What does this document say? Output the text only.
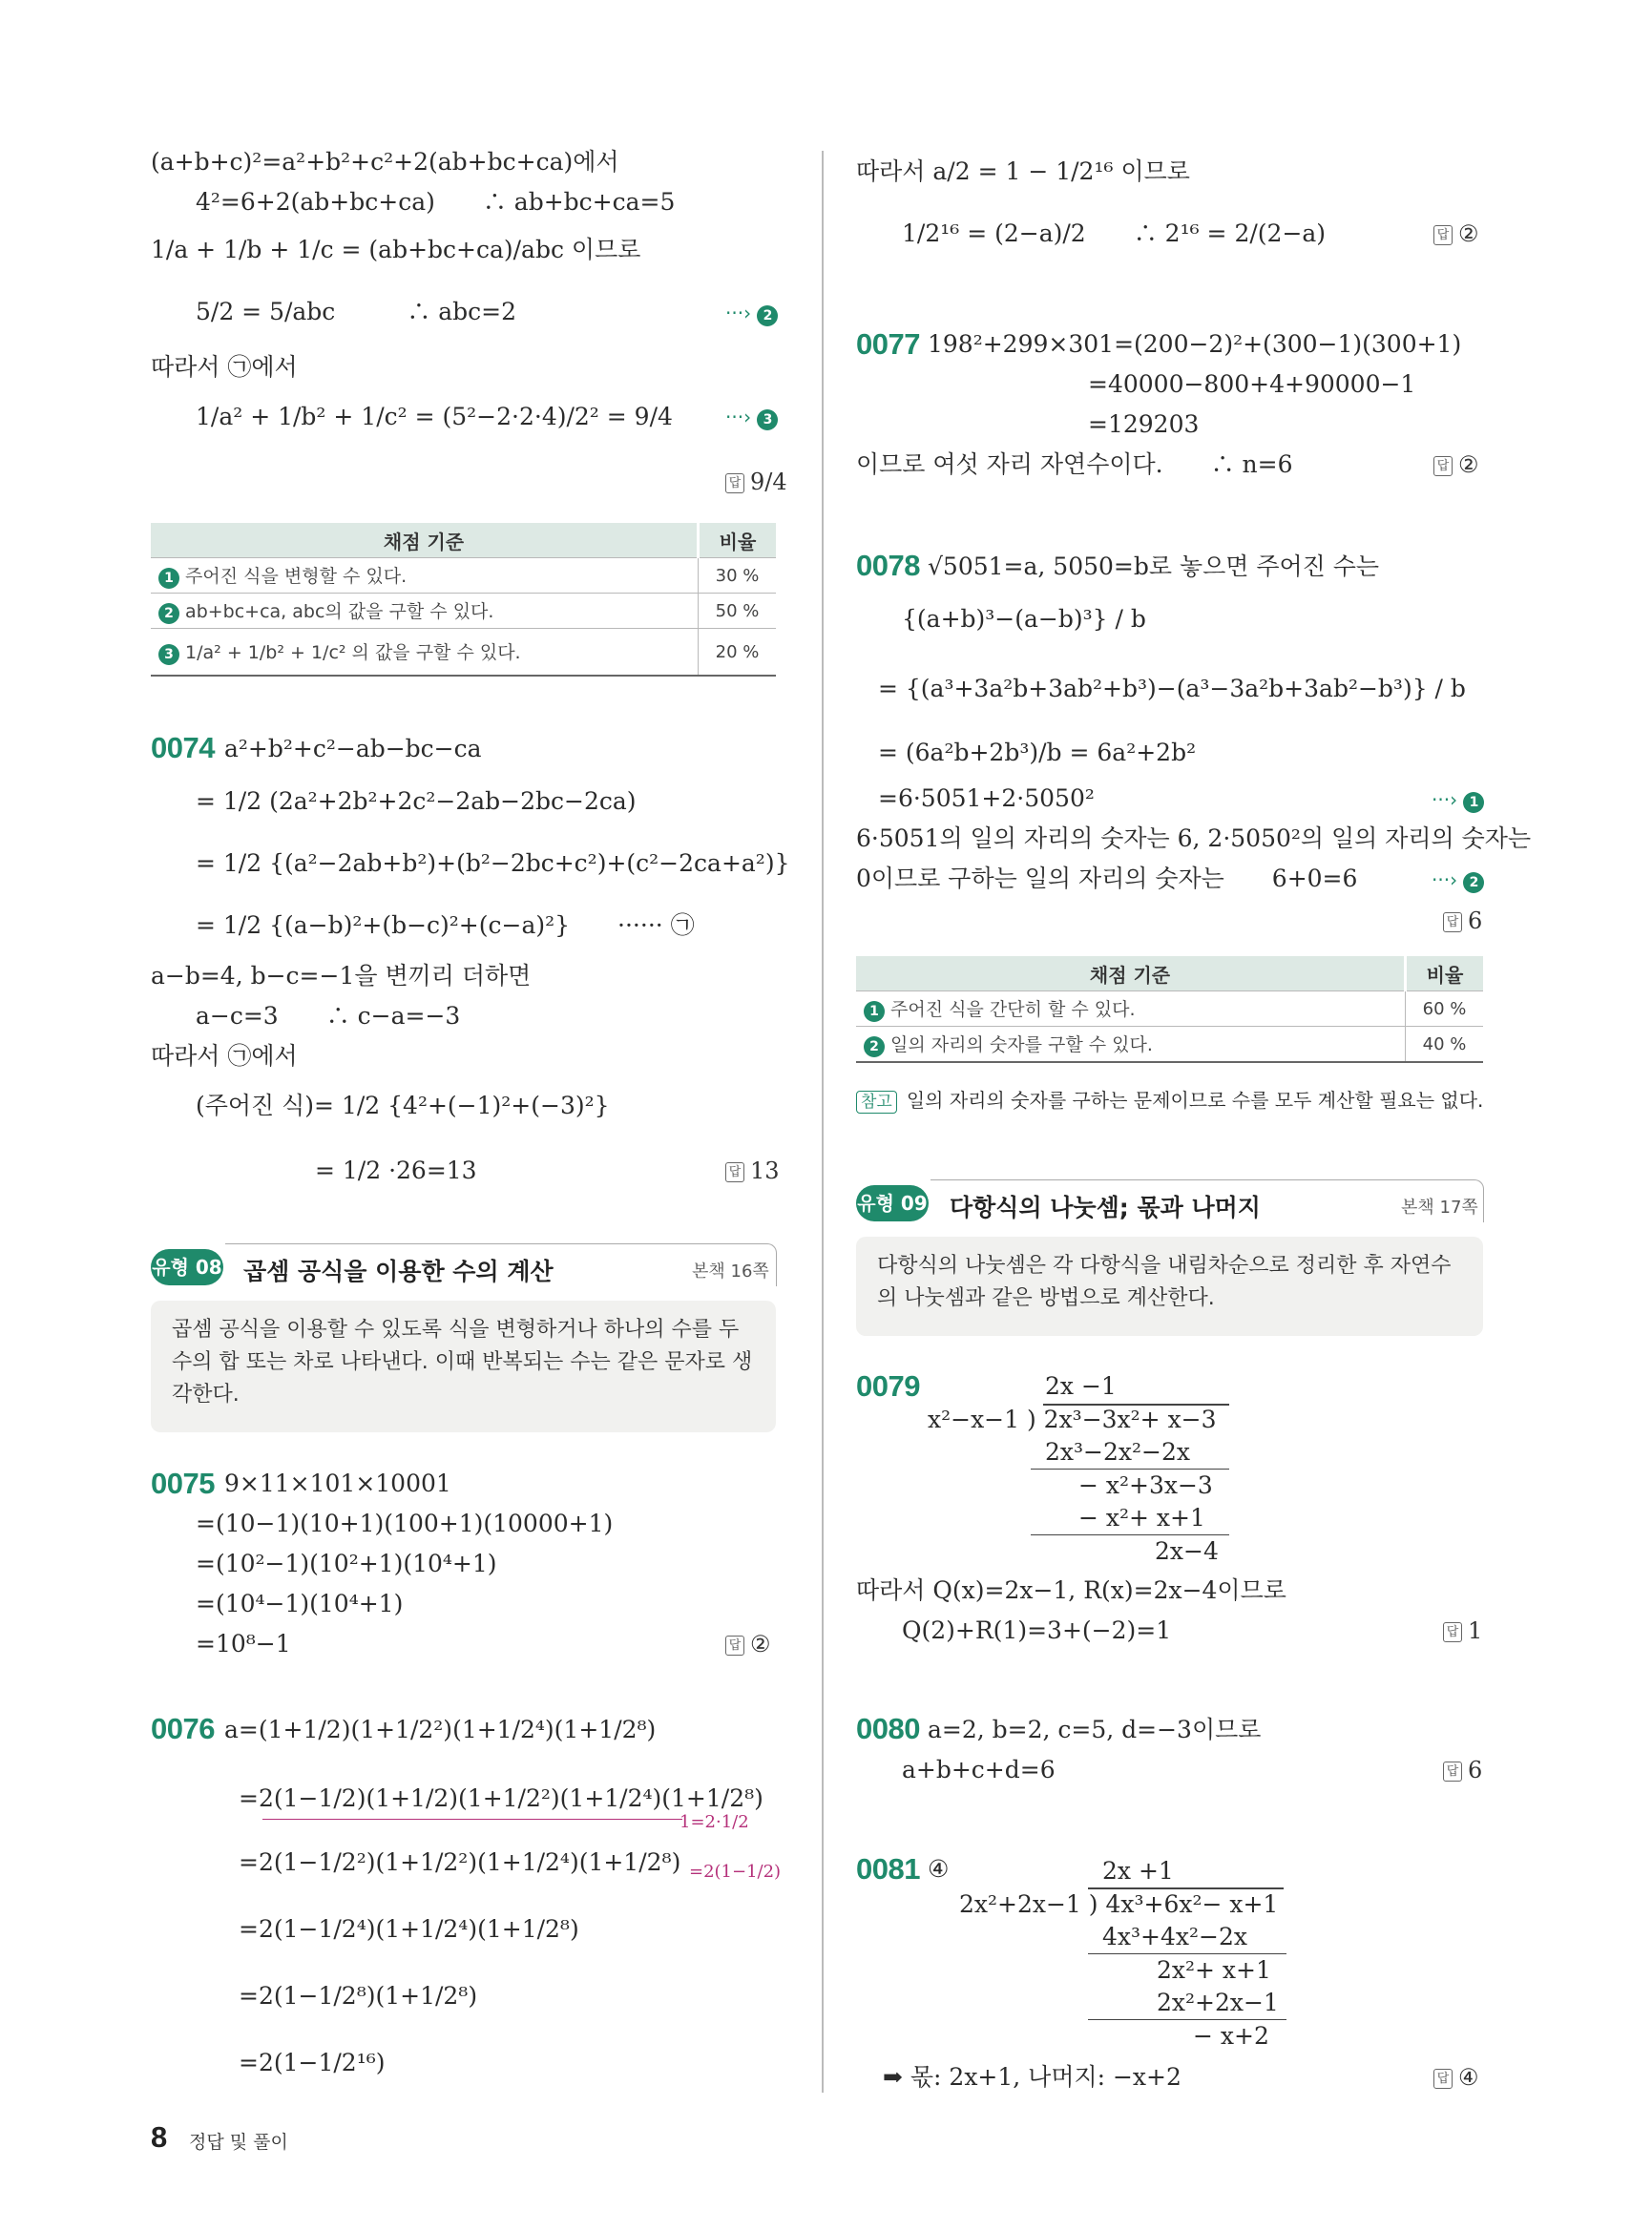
(a+b+c)²=a²+b²+c²+2(ab+bc+ca)에서
4²=6+2(ab+bc+ca)　　∴ ab+bc+ca=5
1/a + 1/b + 1/c = (ab+bc+ca)/abc 이므로
5/2 = 5/abc　　　∴ abc=2	···› 2
따라서 ㉠에서
1/a² + 1/b² + 1/c² = (5²−2·2·4)/2² = 9/4	···› 3
답 9/4
채점 기준	비율
1 주어진 식을 변형할 수 있다.	30 %
2 ab+bc+ca, abc의 값을 구할 수 있다.	50 %
3 1/a² + 1/b² + 1/c² 의 값을 구할 수 있다.	20 %
0074 a²+b²+c²−ab−bc−ca
= 1/2 (2a²+2b²+2c²−2ab−2bc−2ca)
= 1/2 {(a²−2ab+b²)+(b²−2bc+c²)+(c²−2ca+a²)}
= 1/2 {(a−b)²+(b−c)²+(c−a)²}　　······ ㉠
a−b=4, b−c=−1을 변끼리 더하면
a−c=3　　∴ c−a=−3
따라서 ㉠에서
(주어진 식)= 1/2 {4²+(−1)²+(−3)²}
= 1/2 ·26=13	답 13
유형 08 곱셈 공식을 이용한 수의 계산	본책 16쪽
곱셈 공식을 이용할 수 있도록 식을 변형하거나 하나의 수를 두 수의 합 또는 차로 나타낸다. 이때 반복되는 수는 같은 문자로 생각한다.
0075 9×11×101×10001
=(10−1)(10+1)(100+1)(10000+1)
=(10²−1)(10²+1)(10⁴+1)
=(10⁴−1)(10⁴+1)
=10⁸−1	답 ②
0076 a=(1+1/2)(1+1/2²)(1+1/2⁴)(1+1/2⁸)
=2(1−1/2)(1+1/2)(1+1/2²)(1+1/2⁴)(1+1/2⁸)
1=2·1/2
=2(1−1/2²)(1+1/2²)(1+1/2⁴)(1+1/2⁸) =2(1−1/2)
=2(1−1/2⁴)(1+1/2⁴)(1+1/2⁸)
=2(1−1/2⁸)(1+1/2⁸)
=2(1−1/2¹⁶)
따라서 a/2 = 1 − 1/2¹⁶ 이므로
1/2¹⁶ = (2−a)/2　　∴ 2¹⁶ = 2/(2−a)	답 ②
0077 198²+299×301=(200−2)²+(300−1)(300+1)
=40000−800+4+90000−1
=129203
이므로 여섯 자리 자연수이다.　　∴ n=6	답 ②
0078 √5051=a, 5050=b로 놓으면 주어진 수는
{(a+b)³−(a−b)³} / b
= {(a³+3a²b+3ab²+b³)−(a³−3a²b+3ab²−b³)} / b
= (6a²b+2b³)/b = 6a²+2b²
=6·5051+2·5050²	···› 1
6·5051의 일의 자리의 숫자는 6, 2·5050²의 일의 자리의 숫자는
0이므로 구하는 일의 자리의 숫자는　　6+0=6	···› 2
답 6
채점 기준	비율
1 주어진 식을 간단히 할 수 있다.	60 %
2 일의 자리의 숫자를 구할 수 있다.	40 %
참고 일의 자리의 숫자를 구하는 문제이므로 수를 모두 계산할 필요는 없다.
유형 09 다항식의 나눗셈; 몫과 나머지	본책 17쪽
다항식의 나눗셈은 각 다항식을 내림차순으로 정리한 후 자연수의 나눗셈과 같은 방법으로 계산한다.
0079	2x −1
x²−x−1 ) 2x³−3x²+ x−3
2x³−2x²−2x
− x²+3x−3
− x²+ x+1
2x−4
따라서 Q(x)=2x−1, R(x)=2x−4이므로
Q(2)+R(1)=3+(−2)=1	답 1
0080 a=2, b=2, c=5, d=−3이므로
a+b+c+d=6	답 6
0081 ④	2x +1
2x²+2x−1 ) 4x³+6x²− x+1
4x³+4x²−2x
2x²+ x+1
2x²+2x−1
− x+2
➡ 몫: 2x+1, 나머지: −x+2	답 ④
8 정답 및 풀이
